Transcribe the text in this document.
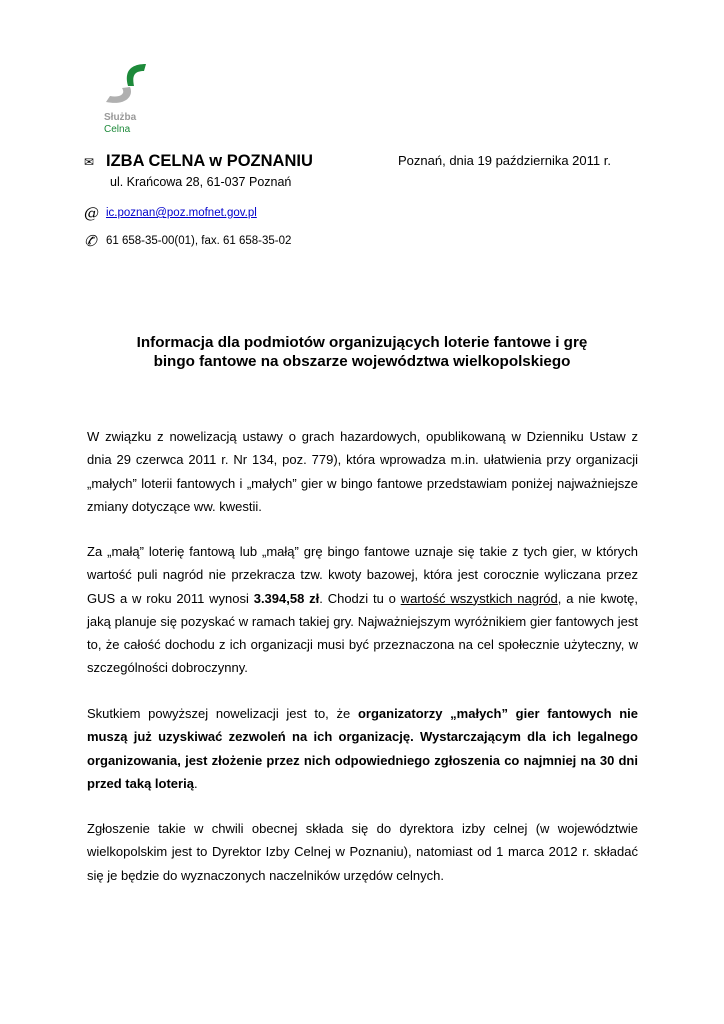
Służba
Celna
✉ IZBA CELNA w POZNANIU
ul. Krańcowa 28, 61-037 Poznań
Poznań, dnia 19 października 2011 r.
@ ic.poznan@poz.mofnet.gov.pl
✆ 61 658-35-00(01), fax. 61 658-35-02
Informacja dla podmiotów organizujących loterie fantowe i grę
bingo fantowe na obszarze województwa wielkopolskiego

W związku z nowelizacją ustawy o grach hazardowych, opublikowaną w Dzienniku Ustaw z dnia 29 czerwca 2011 r. Nr 134, poz. 779), która wprowadza m.in. ułatwienia przy organizacji „małych” loterii fantowych i „małych” gier w bingo fantowe przedstawiam poniżej najważniejsze zmiany dotyczące ww. kwestii.

Za „małą” loterię fantową lub „małą” grę bingo fantowe uznaje się takie z tych gier, w których wartość puli nagród nie przekracza tzw. kwoty bazowej, która jest corocznie wyliczana przez GUS a w roku 2011 wynosi 3.394,58 zł. Chodzi tu o wartość wszystkich nagród, a nie kwotę, jaką planuje się pozyskać w ramach takiej gry. Najważniejszym wyróżnikiem gier fantowych jest to, że całość dochodu z ich organizacji musi być przeznaczona na cel społecznie użyteczny, w szczególności dobroczynny.

Skutkiem powyższej nowelizacji jest to, że organizatorzy „małych” gier fantowych nie muszą już uzyskiwać zezwoleń na ich organizację. Wystarczającym dla ich legalnego organizowania, jest złożenie przez nich odpowiedniego zgłoszenia co najmniej na 30 dni przed taką loterią.

Zgłoszenie takie w chwili obecnej składa się do dyrektora izby celnej (w województwie wielkopolskim jest to Dyrektor Izby Celnej w Poznaniu), natomiast od 1 marca 2012 r. składać się je będzie do wyznaczonych naczelników urzędów celnych.
